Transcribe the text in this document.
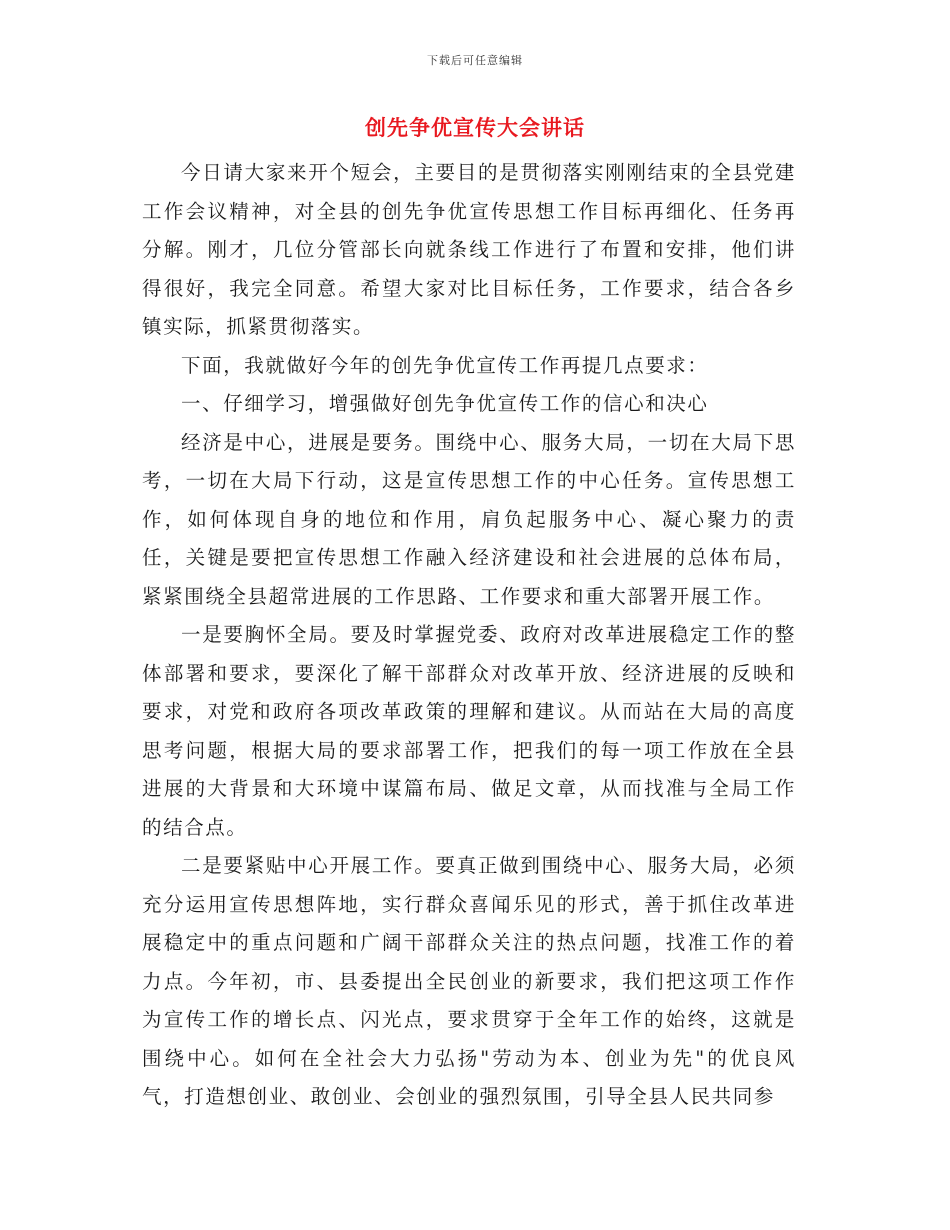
下载后可任意编辑
创先争优宣传大会讲话

今日请大家来开个短会，主要目的是贯彻落实刚刚结束的全县党建工作会议精神，对全县的创先争优宣传思想工作目标再细化、任务再分解。刚才，几位分管部长向就条线工作进行了布置和安排，他们讲得很好，我完全同意。希望大家对比目标任务，工作要求，结合各乡镇实际，抓紧贯彻落实。

下面，我就做好今年的创先争优宣传工作再提几点要求：

一、仔细学习，增强做好创先争优宣传工作的信心和决心

经济是中心，进展是要务。围绕中心、服务大局，一切在大局下思考，一切在大局下行动，这是宣传思想工作的中心任务。宣传思想工作，如何体现自身的地位和作用，肩负起服务中心、凝心聚力的责任，关键是要把宣传思想工作融入经济建设和社会进展的总体布局，紧紧围绕全县超常进展的工作思路、工作要求和重大部署开展工作。

一是要胸怀全局。要及时掌握党委、政府对改革进展稳定工作的整体部署和要求，要深化了解干部群众对改革开放、经济进展的反映和要求，对党和政府各项改革政策的理解和建议。从而站在大局的高度思考问题，根据大局的要求部署工作，把我们的每一项工作放在全县进展的大背景和大环境中谋篇布局、做足文章，从而找准与全局工作的结合点。

二是要紧贴中心开展工作。要真正做到围绕中心、服务大局，必须充分运用宣传思想阵地，实行群众喜闻乐见的形式，善于抓住改革进展稳定中的重点问题和广阔干部群众关注的热点问题，找准工作的着力点。今年初，市、县委提出全民创业的新要求，我们把这项工作作为宣传工作的增长点、闪光点，要求贯穿于全年工作的始终，这就是围绕中心。如何在全社会大力弘扬"劳动为本、创业为先"的优良风气，打造想创业、敢创业、会创业的强烈氛围，引导全县人民共同参
